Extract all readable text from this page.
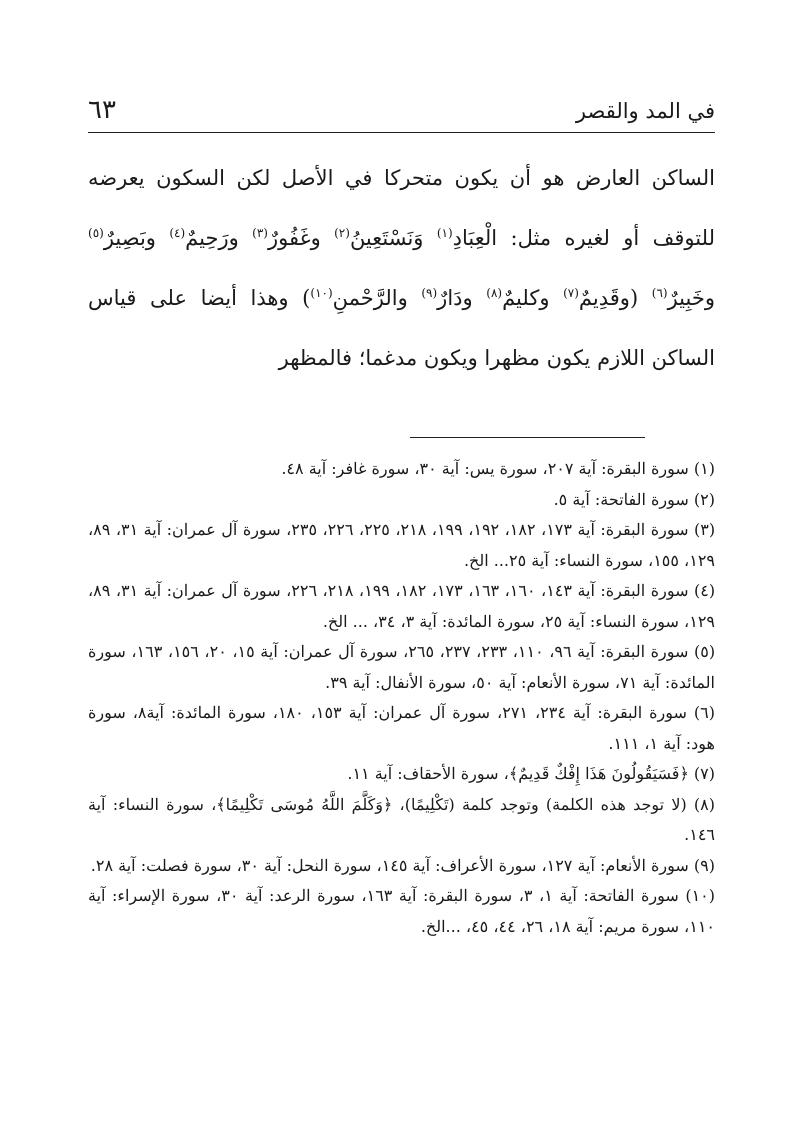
٦٣	في المد والقصر

الساكن العارض هو أن يكون متحركا في الأصل لكن السكون يعرضه للتوقف أو لغيره مثل: الْعِبَادِ$^{(١)}$ وَنَسْتَعِينُ$^{(٢)}$ وغَفُورٌ$^{(٣)}$ ورَحِيمٌ$^{(٤)}$ وبَصِيرٌ$^{(٥)}$ وخَبِيرٌ$^{(٦)}$ (وقَدِيمٌ$^{(٧)}$ وكليمٌ$^{(٨)}$ ودَارٌ$^{(٩)}$ والرَّحْمنِ$^{(١٠)}$) وهذا أيضا على قياس الساكن اللازم يكون مظهرا ويكون مدغما؛ فالمظهر

(١) سورة البقرة: آية ٢٠٧، سورة يس: آية ٣٠، سورة غافر: آية ٤٨.

(٢) سورة الفاتحة: آية ٥.

(٣) سورة البقرة: آية ١٧٣، ١٨٢، ١٩٢، ١٩٩، ٢١٨، ٢٢٥، ٢٢٦، ٢٣٥، سورة آل عمران: آية ٣١، ٨٩، ١٢٩، ١٥٥، سورة النساء: آية ٢٥... الخ.

(٤) سورة البقرة: آية ١٤٣، ١٦٠، ١٦٣، ١٧٣، ١٨٢، ١٩٩، ٢١٨، ٢٢٦، سورة آل عمران: آية ٣١، ٨٩، ١٢٩، سورة النساء: آية ٢٥، سورة المائدة: آية ٣، ٣٤، ... الخ.

(٥) سورة البقرة: آية ٩٦، ١١٠، ٢٣٣، ٢٣٧، ٢٦٥، سورة آل عمران: آية ١٥، ٢٠، ١٥٦، ١٦٣، سورة المائدة: آية ٧١، سورة الأنعام: آية ٥٠، سورة الأنفال: آية ٣٩.

(٦) سورة البقرة: آية ٢٣٤، ٢٧١، سورة آل عمران: آية ١٥٣، ١٨٠، سورة المائدة: آية٨، سورة هود: آية ١، ١١١.

(٧) ﴿فَسَيَقُولُونَ هَذَا إِفْكٌ قَدِيمٌ﴾، سورة الأحقاف: آية ١١.

(٨) (لا توجد هذه الكلمة) وتوجد كلمة (تَكْلِيمًا)، ﴿وَكَلَّمَ اللَّهُ مُوسَى تَكْلِيمًا﴾، سورة النساء: آية ١٤٦.

(٩) سورة الأنعام: آية ١٢٧، سورة الأعراف: آية ١٤٥، سورة النحل: آية ٣٠، سورة فصلت: آية ٢٨.

(١٠) سورة الفاتحة: آية ١، ٣، سورة البقرة: آية ١٦٣، سورة الرعد: آية ٣٠، سورة الإسراء: آية ١١٠، سورة مريم: آية ١٨، ٢٦، ٤٤، ٤٥، ...الخ.
